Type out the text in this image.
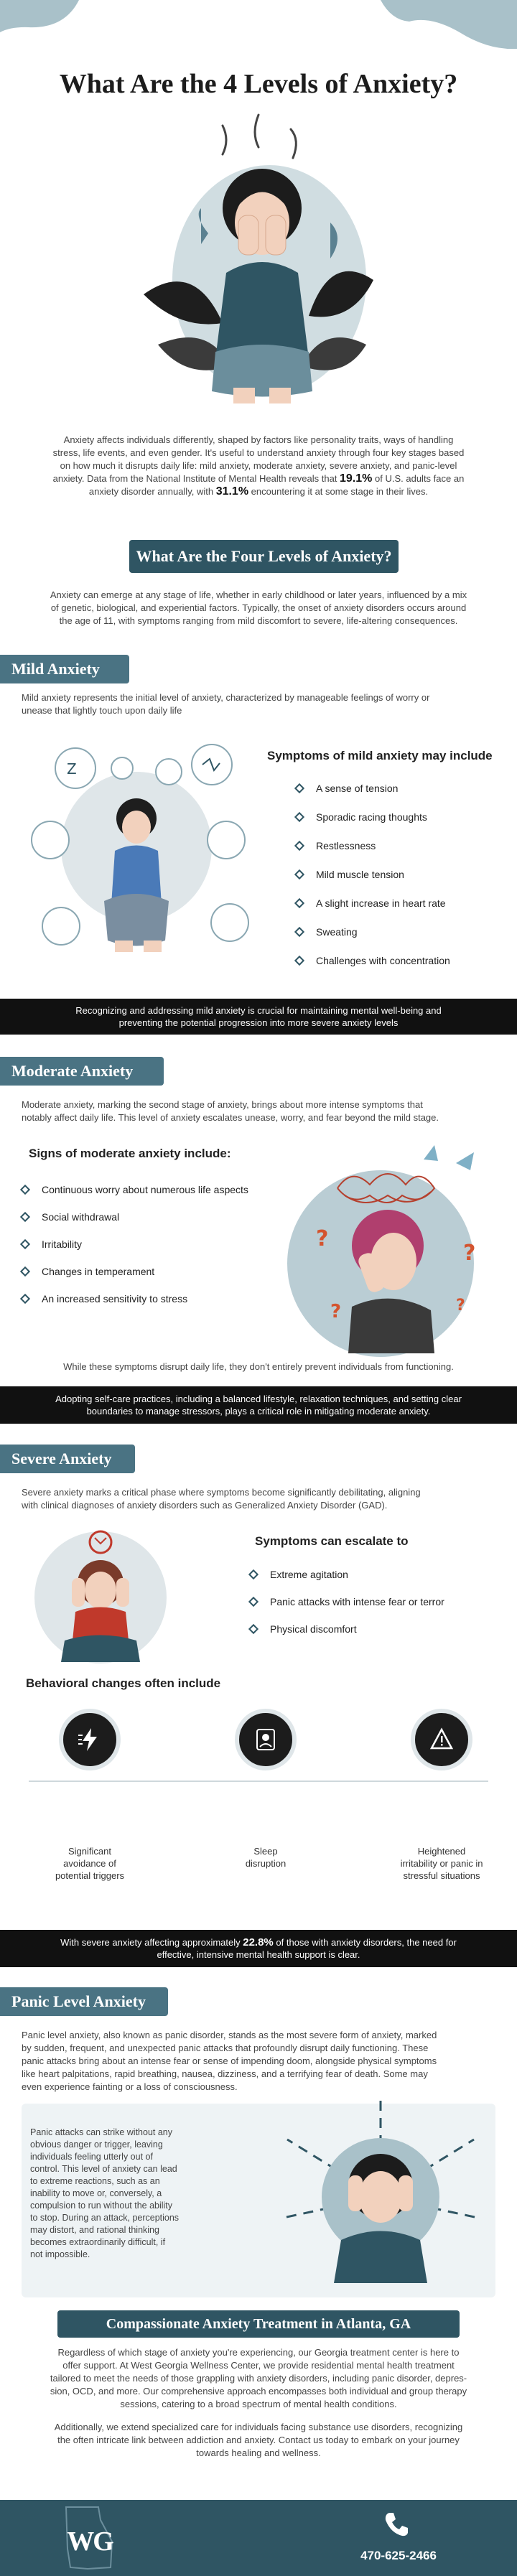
What Are the 4 Levels of Anxiety?
Anxiety affects individuals differently, shaped by factors like personality traits, ways of handling
stress, life events, and even gender. It's useful to understand anxiety through four key stages based
on how much it disrupts daily life: mild anxiety, moderate anxiety, severe anxiety, and panic-level
anxiety. Data from the National Institute of Mental Health reveals that 19.1% of U.S. adults face an
anxiety disorder annually, with 31.1% encountering it at some stage in their lives.
What Are the Four Levels of Anxiety?
Anxiety can emerge at any stage of life, whether in early childhood or later years, influenced by a mix
of genetic, biological, and experiential factors. Typically, the onset of anxiety disorders occurs around
the age of 11, with symptoms ranging from mild discomfort to severe, life-altering consequences.
Mild Anxiety
Mild anxiety represents the initial level of anxiety, characterized by manageable feelings of worry or
unease that lightly touch upon daily life
Z
Symptoms of mild anxiety may include
A sense of tension
Sporadic racing thoughts
Restlessness
Mild muscle tension
A slight increase in heart rate
Sweating
Challenges with concentration
Recognizing and addressing mild anxiety is crucial for maintaining mental well-being and
preventing the potential progression into more severe anxiety levels
Moderate Anxiety
Moderate anxiety, marking the second stage of anxiety, brings about more intense symptoms that
notably affect daily life. This level of anxiety escalates unease, worry, and fear beyond the mild stage.
Signs of moderate anxiety include:
Continuous worry about numerous life aspects
Social withdrawal
Irritability
Changes in temperament
An increased sensitivity to stress
?
?
?	?
While these symptoms disrupt daily life, they don't entirely prevent individuals from functioning.
Adopting self-care practices, including a balanced lifestyle, relaxation techniques, and setting clear
boundaries to manage stressors, plays a critical role in mitigating moderate anxiety.
Severe Anxiety
Severe anxiety marks a critical phase where symptoms become significantly debilitating, aligning
with clinical diagnoses of anxiety disorders such as Generalized Anxiety Disorder (GAD).
Symptoms can escalate to
Extreme agitation
Panic attacks with intense fear or terror
Physical discomfort
Behavioral changes often include
Significant
avoidance of
potential triggers
Sleep
disruption
Heightened
irritability or panic in
stressful situations
With severe anxiety affecting approximately 22.8% of those with anxiety disorders, the need for
effective, intensive mental health support is clear.
Panic Level Anxiety
Panic level anxiety, also known as panic disorder, stands as the most severe form of anxiety, marked
by sudden, frequent, and unexpected panic attacks that profoundly disrupt daily functioning. These
panic attacks bring about an intense fear or sense of impending doom, alongside physical symptoms
like heart palpitations, rapid breathing, nausea, dizziness, and a terrifying fear of death. Some may
even experience fainting or a loss of consciousness.
Panic attacks can strike without any
obvious danger or trigger, leaving
individuals feeling utterly out of
control. This level of anxiety can lead
to extreme reactions, such as an
inability to move or, conversely, a
compulsion to run without the ability
to stop. During an attack, perceptions
may distort, and rational thinking
becomes extraordinarily difficult, if
not impossible.
Compassionate Anxiety Treatment in Atlanta, GA
Regardless of which stage of anxiety you're experiencing, our Georgia treatment center is here to
offer support. At West Georgia Wellness Center, we provide residential mental health treatment
tailored to meet the needs of those grappling with anxiety disorders, including panic disorder, depres-
sion, OCD, and more. Our comprehensive approach encompasses both individual and group therapy
sessions, catering to a broad spectrum of mental health conditions.
Additionally, we extend specialized care for individuals facing substance use disorders, recognizing
the often intricate link between addiction and anxiety. Contact us today to embark on your journey
towards healing and wellness.
WG	470-625-2466
